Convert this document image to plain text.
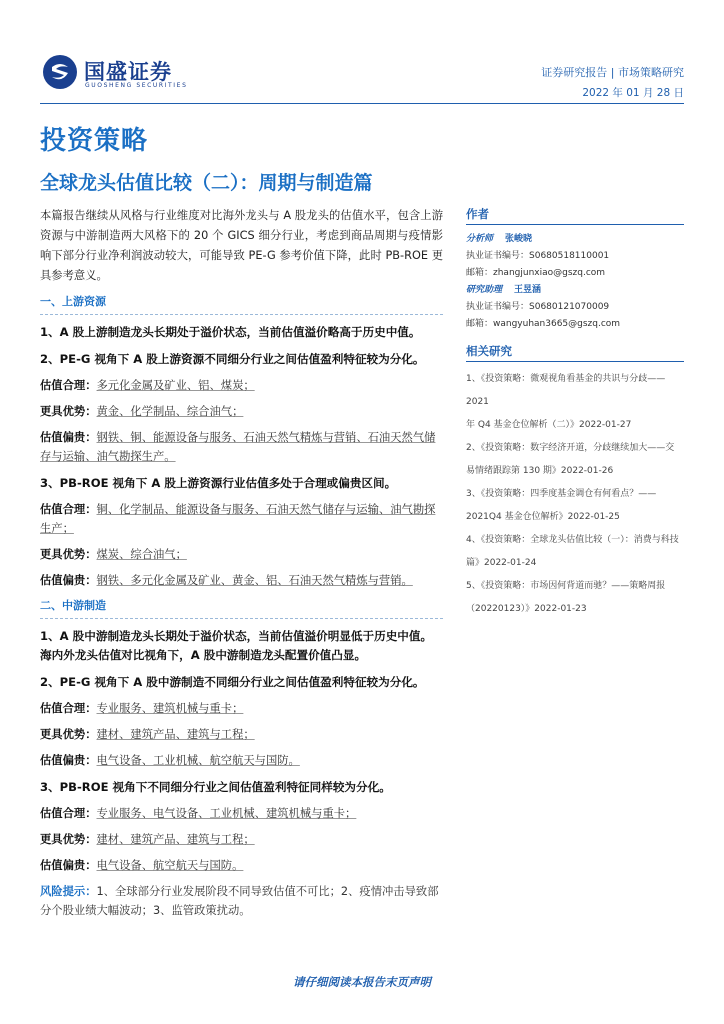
国盛证券
GUOSHENG SECURITIES
证券研究报告 | 市场策略研究
2022 年 01 月 28 日
投资策略
全球龙头估值比较（二）：周期与制造篇

本篇报告继续从风格与行业维度对比海外龙头与 A 股龙头的估值水平，包含上游资源与中游制造两大风格下的 20 个 GICS 细分行业，考虑到商品周期与疫情影响下部分行业净利润波动较大，可能导致 PE-G 参考价值下降，此时 PB-ROE 更具参考意义。

一、上游资源
1、A 股上游制造龙头长期处于溢价状态，当前估值溢价略高于历史中值。
2、PE-G 视角下 A 股上游资源不同细分行业之间估值盈利特征较为分化。
估值合理：多元化金属及矿业、铝、煤炭；
更具优势：黄金、化学制品、综合油气；
估值偏贵：钢铁、铜、能源设备与服务、石油天然气精炼与营销、石油天然气储存与运输、油气勘探生产。
3、PB-ROE 视角下 A 股上游资源行业估值多处于合理或偏贵区间。
估值合理：铜、化学制品、能源设备与服务、石油天然气储存与运输、油气勘探生产；
更具优势：煤炭、综合油气；
估值偏贵：钢铁、多元化金属及矿业、黄金、铝、石油天然气精炼与营销。
二、中游制造
1、A 股中游制造龙头长期处于溢价状态，当前估值溢价明显低于历史中值。海内外龙头估值对比视角下，A 股中游制造龙头配置价值凸显。
2、PE-G 视角下 A 股中游制造不同细分行业之间估值盈利特征较为分化。
估值合理：专业服务、建筑机械与重卡；
更具优势：建材、建筑产品、建筑与工程；
估值偏贵：电气设备、工业机械、航空航天与国防。
3、PB-ROE 视角下不同细分行业之间估值盈利特征同样较为分化。
估值合理：专业服务、电气设备、工业机械、建筑机械与重卡；
更具优势：建材、建筑产品、建筑与工程；
估值偏贵：电气设备、航空航天与国防。
风险提示：1、全球部分行业发展阶段不同导致估值不可比；2、疫情冲击导致部分个股业绩大幅波动；3、监管政策扰动。
作者
分析师 张峻晓
执业证书编号：S0680518110001
邮箱：zhangjunxiao@gszq.com
研究助理 王昱涵
执业证书编号：S0680121070009
邮箱：wangyuhan3665@gszq.com
相关研究
1、《投资策略：微观视角看基金的共识与分歧——2021
年 Q4 基金仓位解析（二）》2022-01-27
2、《投资策略：数字经济开道，分歧继续加大——交
易情绪跟踪第 130 期》2022-01-26
3、《投资策略：四季度基金调仓有何看点？——
2021Q4 基金仓位解析》2022-01-25
4、《投资策略：全球龙头估值比较（一）：消费与科技
篇》2022-01-24
5、《投资策略：市场因何背道而驰？——策略周报
（20220123）》2022-01-23
请仔细阅读本报告末页声明
